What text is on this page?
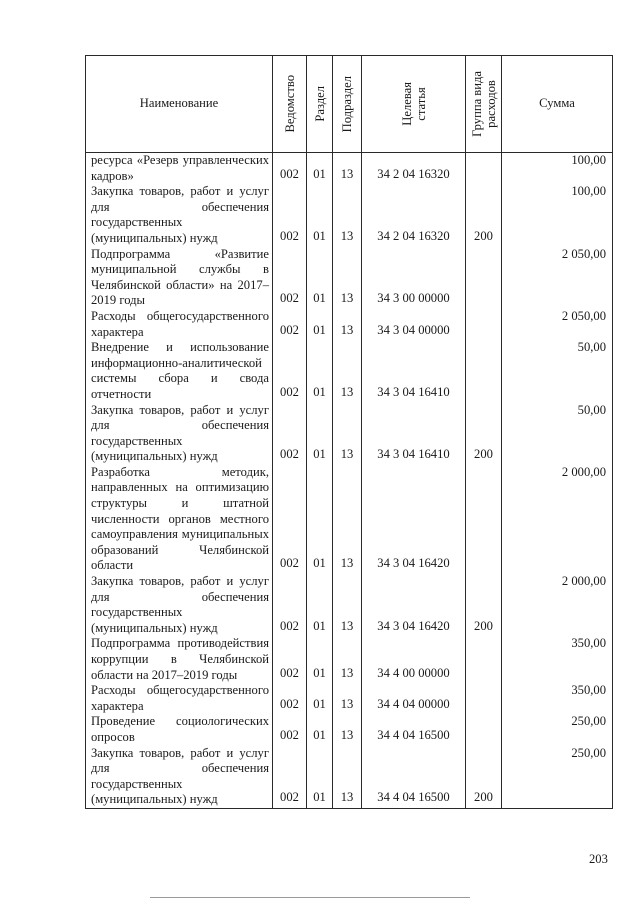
Наименование	Ведомство	Раздел	Подраздел	Целевая
статья	Группа вида
расходов	Сумма
ресурса «Резерв управленческих кадров»	002	01	13	34 2 04 16320		100,00
Закупка товаров, работ и услуг для обеспечения государственных (муниципальных) нужд	002	01	13	34 2 04 16320	200	100,00
Подпрограмма «Развитие муниципальной службы в Челябинской области» на 2017–2019 годы	002	01	13	34 3 00 00000		2 050,00
Расходы общегосударственного характера	002	01	13	34 3 04 00000		2 050,00
Внедрение и использование информационно-аналитической системы сбора и свода отчетности	002	01	13	34 3 04 16410		50,00
Закупка товаров, работ и услуг для обеспечения государственных (муниципальных) нужд	002	01	13	34 3 04 16410	200	50,00
Разработка методик, направленных на оптимизацию структуры и штатной численности органов местного самоуправления муниципальных образований Челябинской области	002	01	13	34 3 04 16420		2 000,00
Закупка товаров, работ и услуг для обеспечения государственных (муниципальных) нужд	002	01	13	34 3 04 16420	200	2 000,00
Подпрограмма противодействия коррупции в Челябинской области на 2017–2019 годы	002	01	13	34 4 00 00000		350,00
Расходы общегосударственного характера	002	01	13	34 4 04 00000		350,00
Проведение социологических опросов	002	01	13	34 4 04 16500		250,00
Закупка товаров, работ и услуг для обеспечения государственных (муниципальных) нужд	002	01	13	34 4 04 16500	200	250,00
203
